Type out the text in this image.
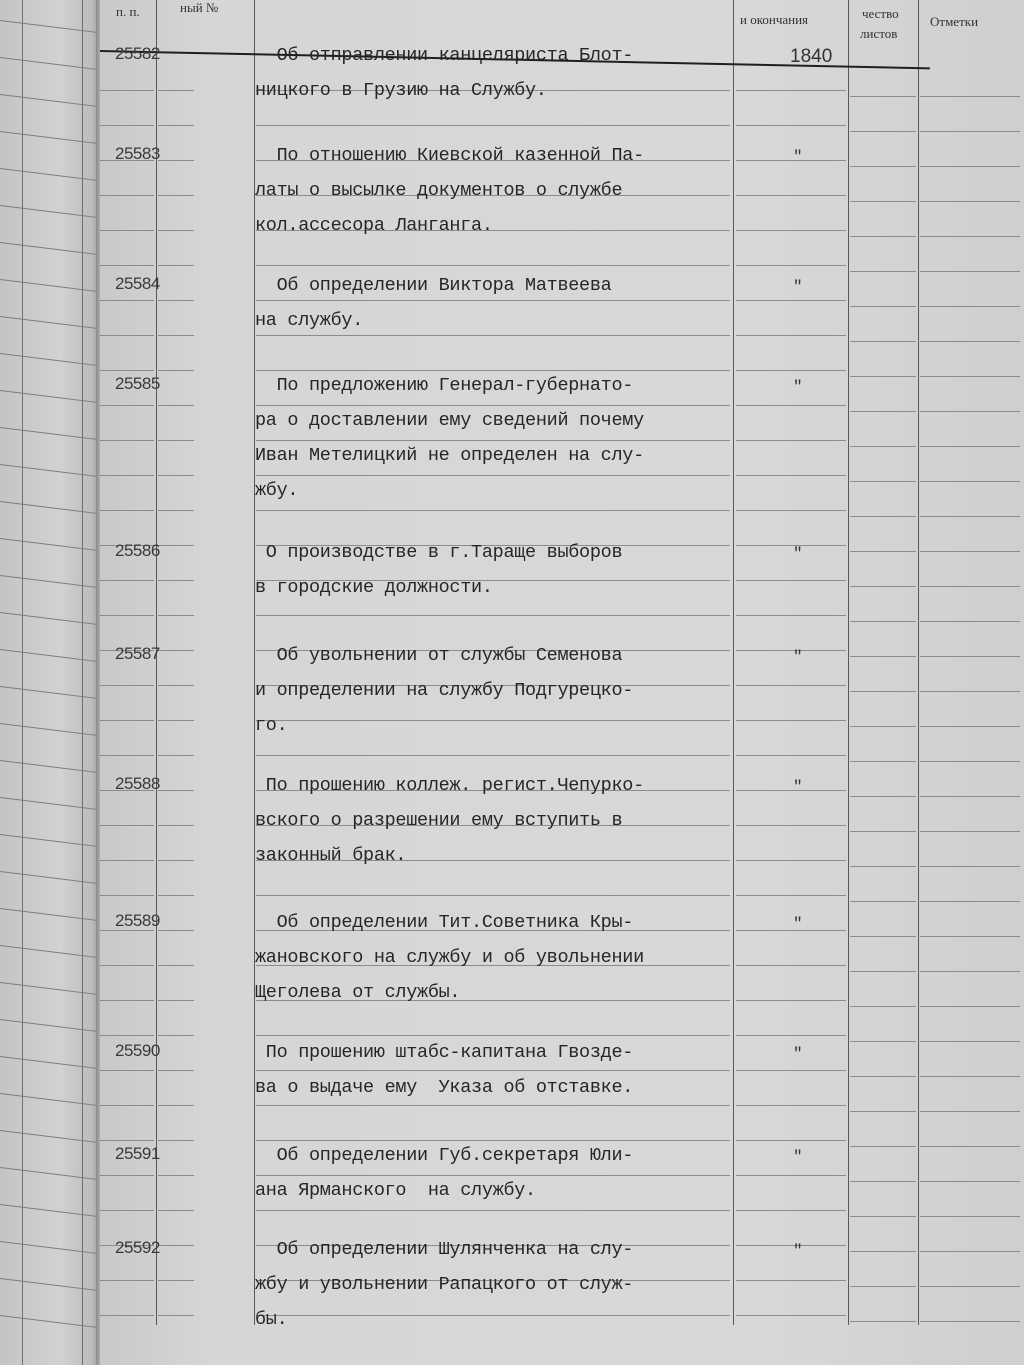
п. п.	ный №
и окончания	чество
листов
Отметки
25582	Об отправлении канцеляриста Блот-
ницкого в Грузию на Службу.
1840
25583	По отношению Киевской казенной Па-
латы о высылке документов о службе
кол.ассесора Ланганга.
"
25584	Об определении Виктора Матвеева
на службу.
"
25585	По предложению Генерал-губернато-
ра о доставлении ему сведений почему
Иван Метелицкий не определен на слу-
жбу.
"
25586	О производстве в г.Тараще выборов
в городские должности.
"
25587	Об увольнении от службы Семенова
и определении на службу Подгурецко-
го.
"
25588	По прошению коллеж. регист.Чепурко-
вского о разрешении ему вступить в
законный брак.
"
25589	Об определении Тит.Советника Кры-
жановского на службу и об увольнении
Щеголева от службы.
"
25590	По прошению штабс-капитана Гвозде-
ва о выдаче ему  Указа об отставке.
"
25591	Об определении Губ.секретаря Юли-
ана Ярманского  на службу.
"
25592	Об определении Шулянченка на слу-
жбу и увольнении Рапацкого от служ-
бы.
"
